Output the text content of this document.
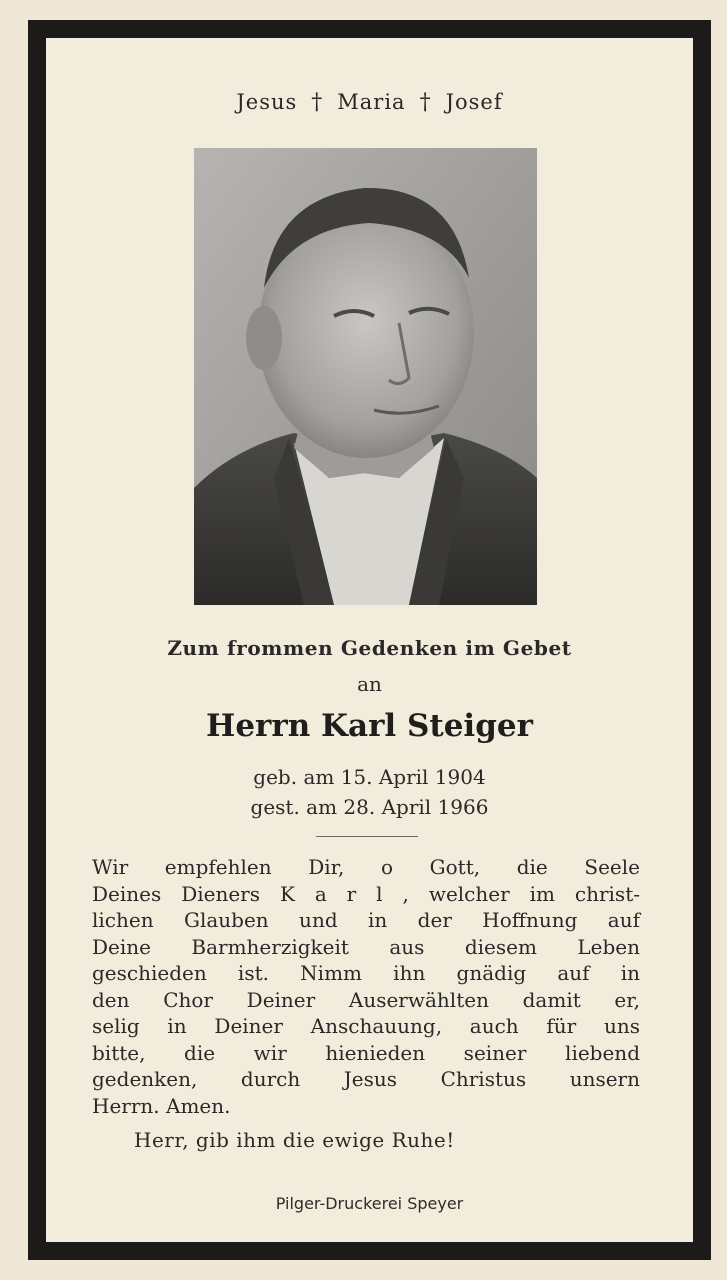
Jesus † Maria † Josef
Zum frommen Gedenken im Gebet
an
Herrn Karl Steiger
geb. am 15. April 1904
gest. am 28. April 1966
Wir empfehlen Dir, o Gott, die Seele
Deines Dieners K a r l , welcher im christ-
lichen Glauben und in der Hoffnung auf
Deine Barmherzigkeit aus diesem Leben
geschieden ist. Nimm ihn gnädig auf in
den Chor Deiner Auserwählten damit er,
selig in Deiner Anschauung, auch für uns
bitte, die wir hienieden seiner liebend
gedenken, durch Jesus Christus unsern
Herrn. Amen.
Herr, gib ihm die ewige Ruhe!
Pilger-Druckerei Speyer
